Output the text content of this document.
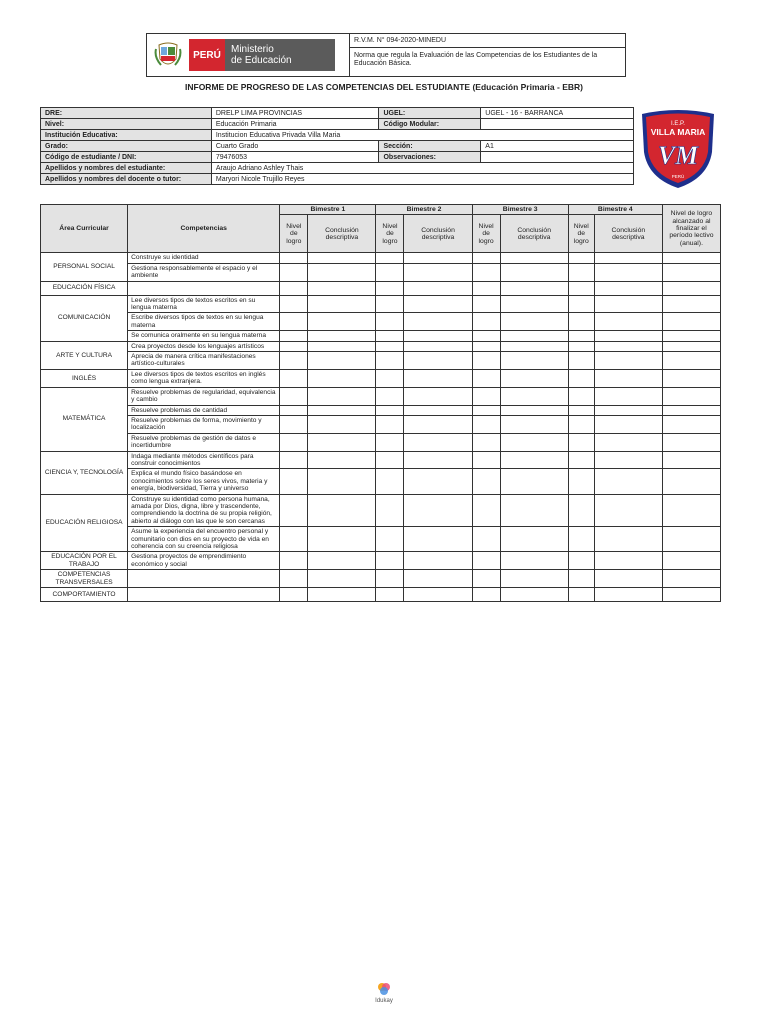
PERÚ	Ministerio
de Educación
R.V.M. N° 094-2020-MINEDU
Norma que regula la Evaluación de las Competencias de los Estudiantes de la Educación Básica.
INFORME DE PROGRESO DE LAS COMPETENCIAS DEL ESTUDIANTE (Educación Primaria - EBR)
DRE:	DRELP LIMA PROVINCIAS	UGEL:	UGEL - 16 - BARRANCA
Nivel:	Educación Primaria	Código Modular:	
Institución Educativa:	Institucion Educativa Privada Villa Maria		
Grado:	Cuarto Grado	Sección:	A1
Código de estudiante / DNI:	79476053	Observaciones:	
Apellidos y nombres del estudiante:	Araujo Adriano Ashley Thais		
Apellidos y nombres del docente o tutor:	Maryori Nicole Trujillo Reyes		
I.E.P.
VILLA MARIA
VM
PERÚ
Área Curricular	Competencias	Bimestre 1		Bimestre 2		Bimestre 3		Bimestre 4		Nivel de logro alcanzado al finalizar el período lectivo (anual).
		Nivel de logro	Conclusión descriptiva	Nivel de logro	Conclusión descriptiva	Nivel de logro	Conclusión descriptiva	Nivel de logro	Conclusión descriptiva	
PERSONAL SOCIAL	Construye su identidad									
	Gestiona responsablemente el espacio y el ambiente									
EDUCACIÓN FÍSICA										
COMUNICACIÓN	Lee diversos tipos de textos escritos en su lengua materna									
	Escribe diversos tipos de textos en su lengua materna									
	Se comunica oralmente en su lengua materna									
ARTE Y CULTURA	Crea proyectos desde los lenguajes artísticos									
	Aprecia de manera crítica manifestaciones artístico-culturales									
INGLÉS	Lee diversos tipos de textos escritos en inglés como lengua extranjera.									
MATEMÁTICA	Resuelve problemas de regularidad, equivalencia y cambio									
	Resuelve problemas de cantidad									
	Resuelve problemas de forma, movimiento y localización									
	Resuelve problemas de gestión de datos e incertidumbre									
CIENCIA Y, TECNOLOGÍA	Indaga mediante métodos científicos para construir conocimientos									
	Explica el mundo físico basándose en conocimientos sobre los seres vivos, materia y energía, biodiversidad, Tierra y universo									
EDUCACIÓN RELIGIOSA	Construye su identidad como persona humana, amada por Dios, digna, libre y trascendente, comprendiendo la doctrina de su propia religión, abierto al diálogo con las que le son cercanas									
	Asume la experiencia del encuentro personal y comunitario con dios en su proyecto de vida en coherencia con su creencia religiosa									
EDUCACIÓN POR EL TRABAJO	Gestiona proyectos de emprendimiento económico y social									
COMPETENCIAS TRANSVERSALES										
COMPORTAMIENTO										
Idukay
